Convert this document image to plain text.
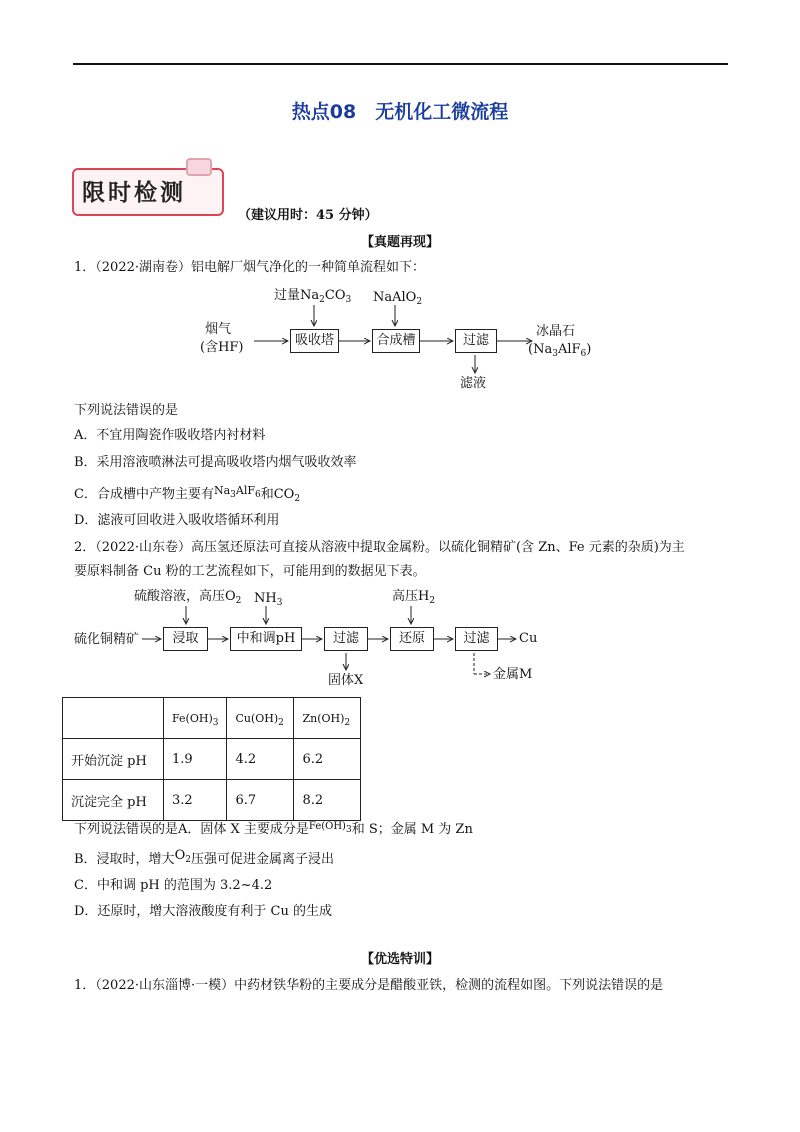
热点08　无机化工微流程
限时检测
（建议用时：45 分钟）
【真题再现】
1．（2022·湖南卷）铝电解厂烟气净化的一种简单流程如下：
烟气
(含HF)
过量$Na_2CO_3$ NaAlO$_2$
吸收塔	合成槽	过滤
滤液
冰晶石
$(Na_3AlF_6)$
下列说法错误的是
A．不宜用陶瓷作吸收塔内衬材料
B．采用溶液喷淋法可提高吸收塔内烟气吸收效率
C．合成槽中产物主要有$^{Na_3AlF_6}$和$CO_2$
D．滤液可回收进入吸收塔循环利用
2．（2022·山东卷）高压氢还原法可直接从溶液中提取金属粉。以硫化铜精矿(含 Zn、Fe 元素的杂质)为主
要原料制备 Cu 粉的工艺流程如下，可能用到的数据见下表。
硫化铜精矿
硫酸溶液，高压$O_2$ $NH_3$	高压$H_2$
浸取	中和调pH	过滤	还原	过滤	Cu
固体X	金属M
	$Fe(OH)_3$	$Cu(OH)_2$	$Zn(OH)_2$
开始沉淀 pH	1.9	4.2	6.2
沉淀完全 pH	3.2	6.7	8.2
下列说法错误的是A．固体 X 主要成分是$^{Fe(OH)_3}$和 S；金属 M 为 Zn
B．浸取时，增大$O_2$压强可促进金属离子浸出
C．中和调 pH 的范围为 3.2~4.2
D．还原时，增大溶液酸度有利于 Cu 的生成
【优选特训】
1．（2022·山东淄博·一模）中药材铁华粉的主要成分是醋酸亚铁，检测的流程如图。下列说法错误的是
